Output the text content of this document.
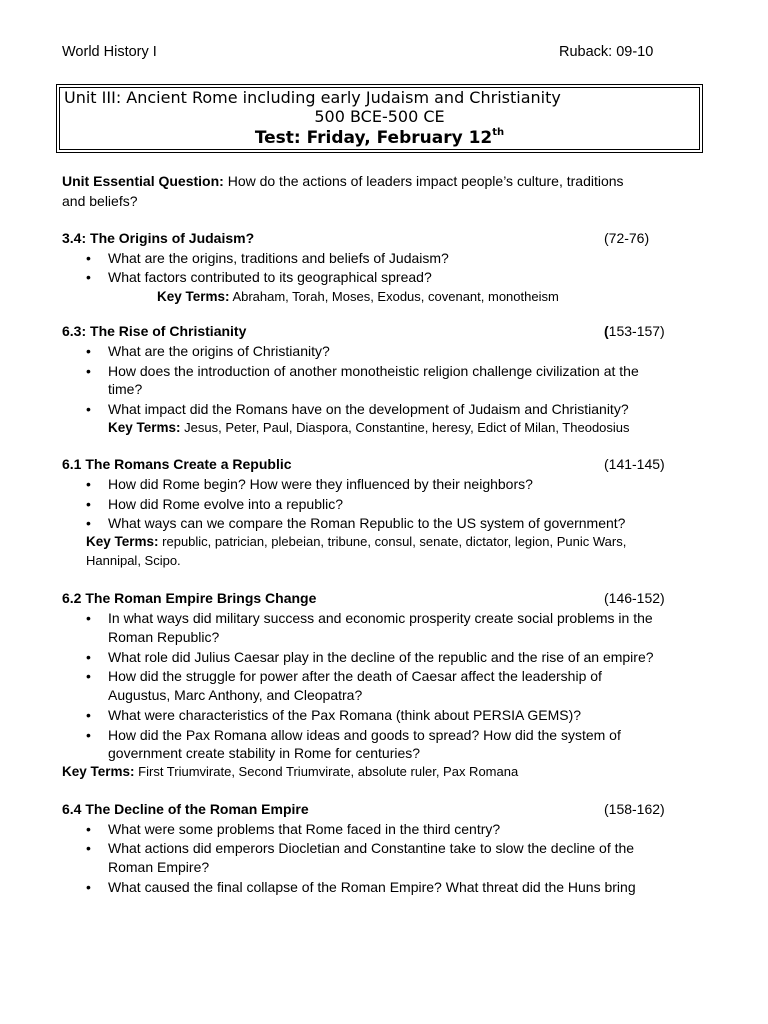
World History I	Ruback: 09-10
Unit III: Ancient Rome including early Judaism and Christianity
500 BCE-500 CE
Test: Friday, February 12th
Unit Essential Question: How do the actions of leaders impact people’s culture, traditions
and beliefs?
3.4: The Origins of Judaism?	(72-76)
• What are the origins, traditions and beliefs of Judaism?
• What factors contributed to its geographical spread?
Key Terms: Abraham, Torah, Moses, Exodus, covenant, monotheism
6.3: The Rise of Christianity	(153-157)
• What are the origins of Christianity?
• How does the introduction of another monotheistic religion challenge civilization at the
time?
• What impact did the Romans have on the development of Judaism and Christianity?
Key Terms: Jesus, Peter, Paul, Diaspora, Constantine, heresy, Edict of Milan, Theodosius
6.1 The Romans Create a Republic	(141-145)
• How did Rome begin? How were they influenced by their neighbors?
• How did Rome evolve into a republic?
• What ways can we compare the Roman Republic to the US system of government?
Key Terms: republic, patrician, plebeian, tribune, consul, senate, dictator, legion, Punic Wars,
Hannipal, Scipo.
6.2 The Roman Empire Brings Change	(146-152)
• In what ways did military success and economic prosperity create social problems in the
Roman Republic?
• What role did Julius Caesar play in the decline of the republic and the rise of an empire?
• How did the struggle for power after the death of Caesar affect the leadership of
Augustus, Marc Anthony, and Cleopatra?
• What were characteristics of the Pax Romana (think about PERSIA GEMS)?
• How did the Pax Romana allow ideas and goods to spread? How did the system of
government create stability in Rome for centuries?
Key Terms: First Triumvirate, Second Triumvirate, absolute ruler, Pax Romana
6.4 The Decline of the Roman Empire	(158-162)
• What were some problems that Rome faced in the third centry?
• What actions did emperors Diocletian and Constantine take to slow the decline of the
Roman Empire?
• What caused the final collapse of the Roman Empire? What threat did the Huns bring
